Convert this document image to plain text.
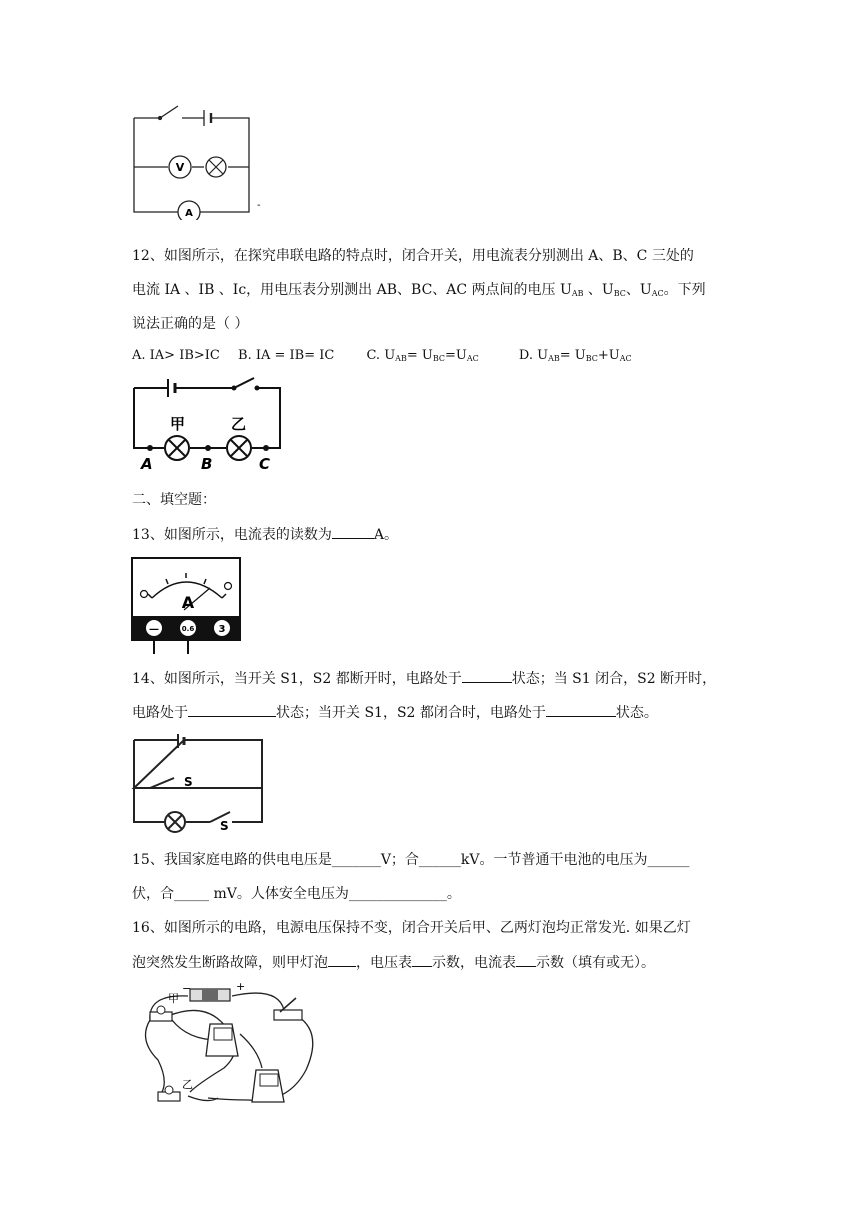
V
A
-
12、如图所示，在探究串联电路的特点时，闭合开关，用电流表分别测出 A、B、C 三处的
电流 IA 、IB 、Ic，用电压表分别测出 AB、BC、AC 两点间的电压 $U_{AB}$ 、$U_{BC}$、$U_{AC}$。下列
说法正确的是（ ）
A. IA> IB>IC B. IA = IB= IC C. $U_{AB}= U_{BC}=U_{AC}$	D. $U_{AB}= U_{BC}+U_{AC}$
甲	乙
A	B	C
二、填空题：
13、如图所示，电流表的读数为	A。
A
—	0.6 3
14、如图所示，当开关 S1，S2 都断开时，电路处于	状态；当 S1 闭合，S2 断开时，
电路处于	状态；当开关 S1，S2 都闭合时，电路处于	状态。
S
S
15、我国家庭电路的供电电压是_______V；合______kV。一节普通干电池的电压为______
伏，合_____ mV。人体安全电压为______________。
16、如图所示的电路，电源电压保持不变，闭合开关后甲、乙两灯泡均正常发光. 如果乙灯
泡突然发生断路故障，则甲灯泡 ，电压表 示数，电流表 示数（填有或无）。
−	+
甲
乙
